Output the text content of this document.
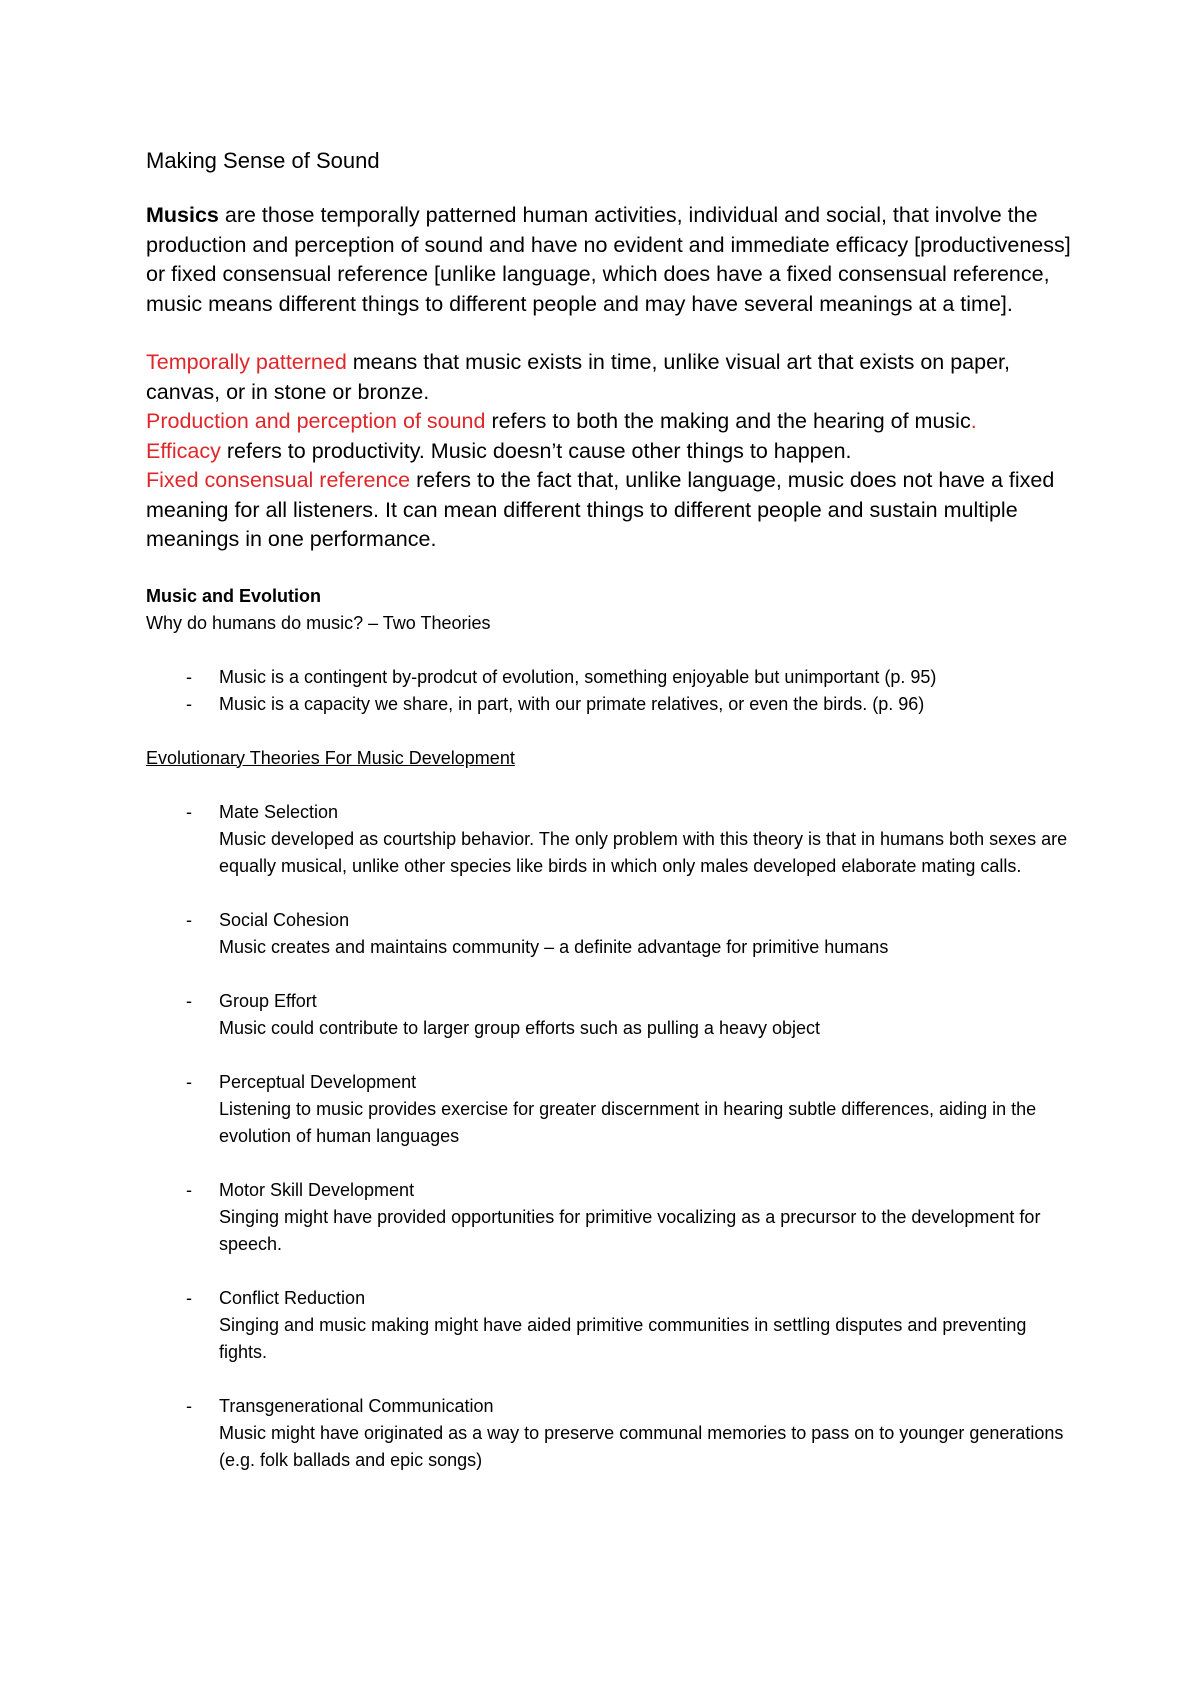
Making Sense of Sound

Musics are those temporally patterned human activities, individual and social, that involve the production and perception of sound and have no evident and immediate efficacy [productiveness] or fixed consensual reference [unlike language, which does have a fixed consensual reference, music means different things to different people and may have several meanings at a time].

Temporally patterned means that music exists in time, unlike visual art that exists on paper, canvas, or in stone or bronze.

Production and perception of sound refers to both the making and the hearing of music.

Efficacy refers to productivity. Music doesn’t cause other things to happen.

Fixed consensual reference refers to the fact that, unlike language, music does not have a fixed meaning for all listeners. It can mean different things to different people and sustain multiple meanings in one performance.

Music and Evolution
Why do humans do music? – Two Theories
- Music is a contingent by-prodcut of evolution, something enjoyable but unimportant (p. 95)
- Music is a capacity we share, in part, with our primate relatives, or even the birds. (p. 96)
Evolutionary Theories For Music Development
- Mate Selection
Music developed as courtship behavior. The only problem with this theory is that in humans both sexes are equally musical, unlike other species like birds in which only males developed elaborate mating calls.
- Social Cohesion
Music creates and maintains community – a definite advantage for primitive humans
- Group Effort
Music could contribute to larger group efforts such as pulling a heavy object
- Perceptual Development
Listening to music provides exercise for greater discernment in hearing subtle differences, aiding in the evolution of human languages
- Motor Skill Development
Singing might have provided opportunities for primitive vocalizing as a precursor to the development for speech.
- Conflict Reduction
Singing and music making might have aided primitive communities in settling disputes and preventing fights.
- Transgenerational Communication
Music might have originated as a way to preserve communal memories to pass on to younger generations (e.g. folk ballads and epic songs)
